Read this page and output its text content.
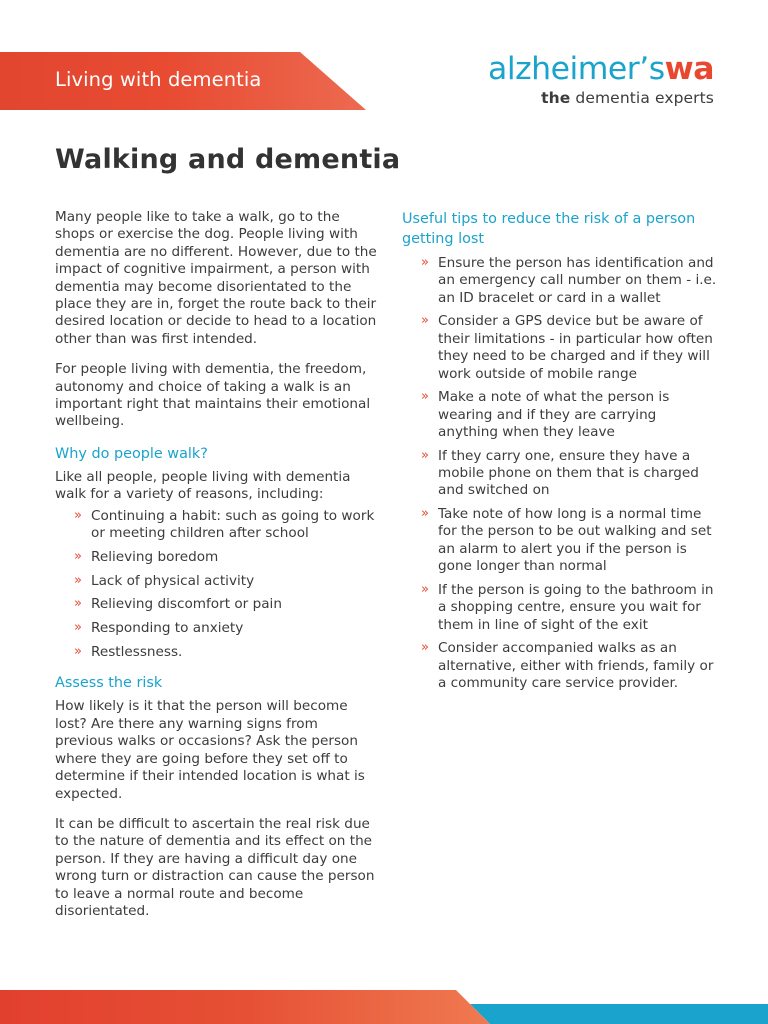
Living with dementia	alzheimer’swa
the dementia experts
Walking and dementia

Many people like to take a walk, go to the shops or exercise the dog. People living with dementia are no different. However, due to the impact of cognitive impairment, a person with dementia may become disorientated to the place they are in, forget the route back to their desired location or decide to head to a location other than was first intended.

For people living with dementia, the freedom, autonomy and choice of taking a walk is an important right that maintains their emotional wellbeing.

Why do people walk?

Like all people, people living with dementia walk for a variety of reasons, including:

» Continuing a habit: such as going to work or meeting children after school
» Relieving boredom
» Lack of physical activity
» Relieving discomfort or pain
» Responding to anxiety
» Restlessness.
Assess the risk

How likely is it that the person will become lost? Are there any warning signs from previous walks or occasions? Ask the person where they are going before they set off to determine if their intended location is what is expected.

It can be difficult to ascertain the real risk due to the nature of dementia and its effect on the person. If they are having a difficult day one wrong turn or distraction can cause the person to leave a normal route and become disorientated.

Useful tips to reduce the risk of a person getting lost
» Ensure the person has identification and an emergency call number on them - i.e. an ID bracelet or card in a wallet
» Consider a GPS device but be aware of their limitations - in particular how often they need to be charged and if they will work outside of mobile range
» Make a note of what the person is wearing and if they are carrying anything when they leave
» If they carry one, ensure they have a mobile phone on them that is charged and switched on
» Take note of how long is a normal time for the person to be out walking and set an alarm to alert you if the person is gone longer than normal
» If the person is going to the bathroom in a shopping centre, ensure you wait for them in line of sight of the exit
» Consider accompanied walks as an alternative, either with friends, family or a community care service provider.
